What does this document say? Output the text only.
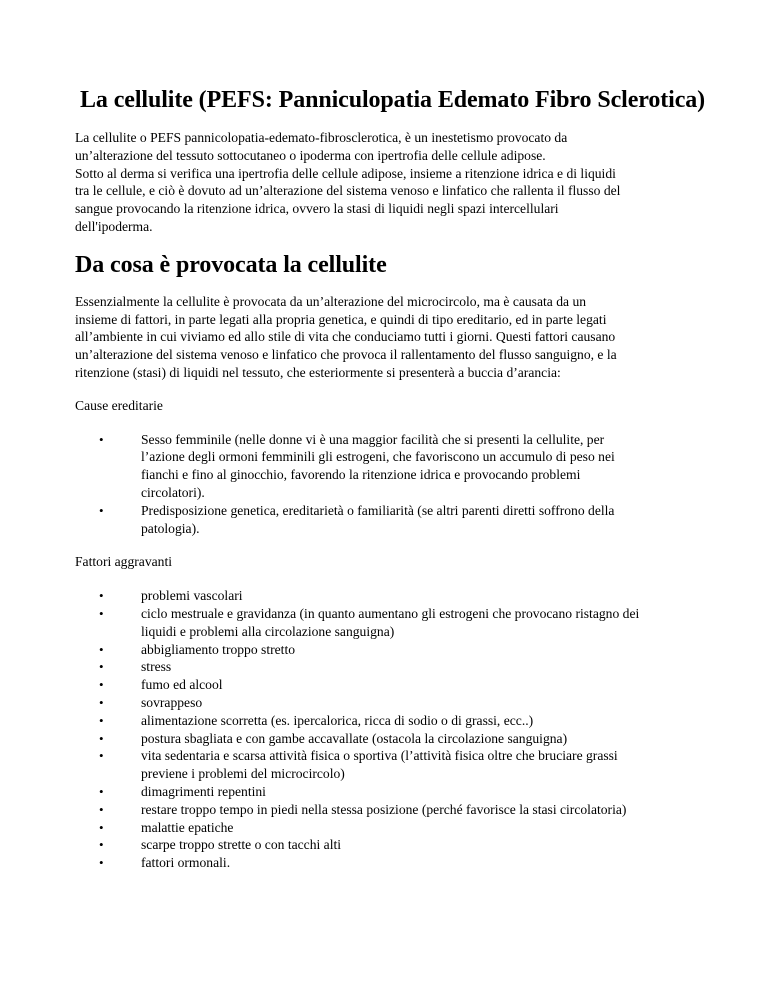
La cellulite (PEFS: Panniculopatia Edemato Fibro Sclerotica)

La cellulite o PEFS pannicolopatia-edemato-fibrosclerotica, è un inestetismo provocato da
un’alterazione del tessuto sottocutaneo o ipoderma con ipertrofia delle cellule adipose.
Sotto al derma si verifica una ipertrofia delle cellule adipose, insieme a ritenzione idrica e di liquidi
tra le cellule, e ciò è dovuto ad un’alterazione del sistema venoso e linfatico che rallenta il flusso del
sangue provocando la ritenzione idrica, ovvero la stasi di liquidi negli spazi intercellulari
dell'ipoderma.

Da cosa è provocata la cellulite

Essenzialmente la cellulite è provocata da un’alterazione del microcircolo, ma è causata da un
insieme di fattori, in parte legati alla propria genetica, e quindi di tipo ereditario, ed in parte legati
all’ambiente in cui viviamo ed allo stile di vita che conduciamo tutti i giorni. Questi fattori causano
un’alterazione del sistema venoso e linfatico che provoca il rallentamento del flusso sanguigno, e la
ritenzione (stasi) di liquidi nel tessuto, che esteriormente si presenterà a buccia d’arancia:

Cause ereditarie

•	Sesso femminile (nelle donne vi è una maggior facilità che si presenti la cellulite, per
l’azione degli ormoni femminili gli estrogeni, che favoriscono un accumulo di peso nei
fianchi e fino al ginocchio, favorendo la ritenzione idrica e provocando problemi
circolatori).
•	Predisposizione genetica, ereditarietà o familiarità (se altri parenti diretti soffrono della
patologia).

Fattori aggravanti

•	problemi vascolari
•	ciclo mestruale e gravidanza (in quanto aumentano gli estrogeni che provocano ristagno dei
liquidi e problemi alla circolazione sanguigna)
•	abbigliamento troppo stretto
•	stress
•	fumo ed alcool
•	sovrappeso
•	alimentazione scorretta (es. ipercalorica, ricca di sodio o di grassi, ecc..)
•	postura sbagliata e con gambe accavallate (ostacola la circolazione sanguigna)
•	vita sedentaria e scarsa attività fisica o sportiva (l’attività fisica oltre che bruciare grassi
previene i problemi del microcircolo)
•	dimagrimenti repentini
•	restare troppo tempo in piedi nella stessa posizione (perché favorisce la stasi circolatoria)
•	malattie epatiche
•	scarpe troppo strette o con tacchi alti
•	fattori ormonali.
